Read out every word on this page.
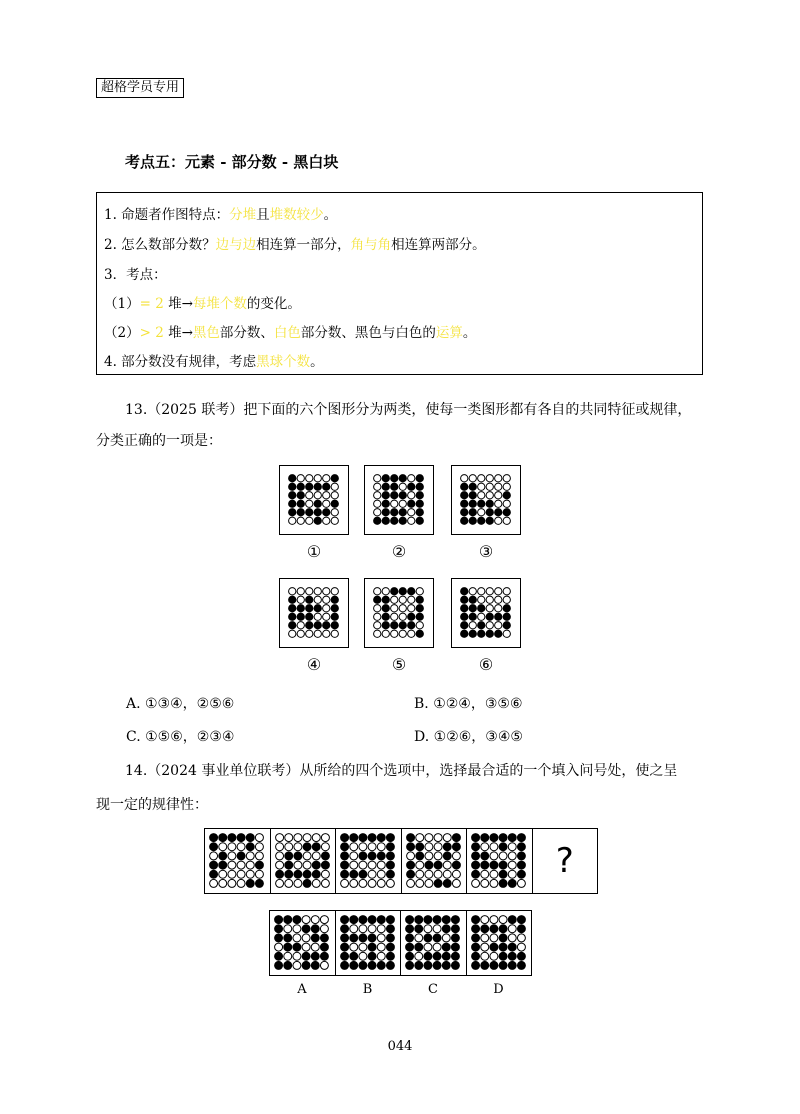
超格学员专用
考点五：元素 - 部分数 - 黑白块
1. 命题者作图特点：分堆且堆数较少。
2. 怎么数部分数？边与边相连算一部分，角与角相连算两部分。
3．考点：
（1）= 2 堆→每堆个数的变化。
（2）> 2 堆→黑色部分数、白色部分数、黑色与白色的运算。
4. 部分数没有规律，考虑黑球个数。
13.（2025 联考）把下面的六个图形分为两类，使每一类图形都有各自的共同特征或规律，
分类正确的一项是：
①	②	③
④	⑤	⑥
A. ①③④，②⑤⑥	B. ①②④，③⑤⑥
C. ①⑤⑥，②③④	D. ①②⑥，③④⑤
14.（2024 事业单位联考）从所给的四个选项中，选择最合适的一个填入问号处，使之呈
现一定的规律性：
?
A	B	C	D
044
